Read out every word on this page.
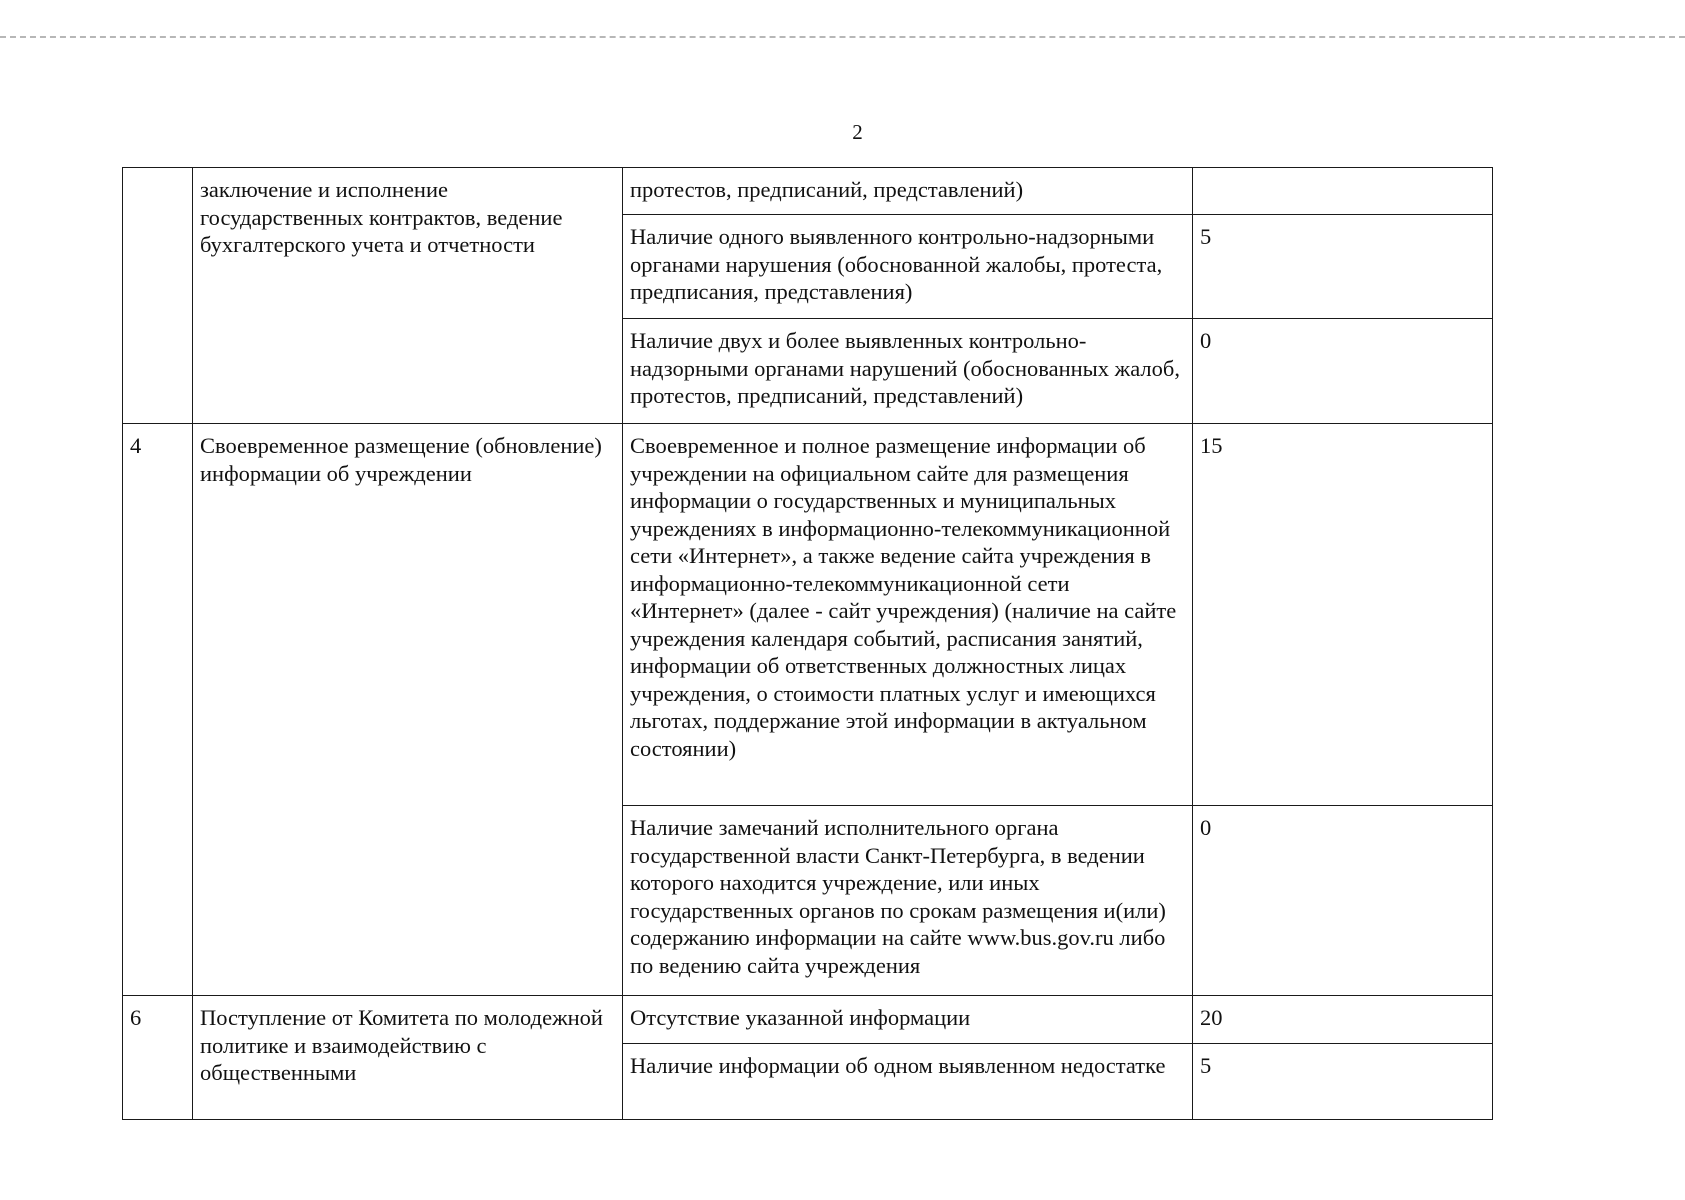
2
	заключение и исполнение государственных контрактов, ведение бухгалтерского учета и отчетности	протестов, предписаний, представлений)	
		Наличие одного выявленного контрольно-надзорными органами нарушения (обоснованной жалобы, протеста, предписания, представления)	5
		Наличие двух и более выявленных контрольно-надзорными органами нарушений (обоснованных жалоб, протестов, предписаний, представлений)	0
4	Своевременное размещение (обновление) информации об учреждении	Своевременное и полное размещение информации об учреждении на официальном сайте для размещения информации о государственных и муниципальных учреждениях в информационно-телекоммуникационной сети «Интернет», а также ведение сайта учреждения в информационно-телекоммуникационной сети «Интернет» (далее - сайт учреждения) (наличие на сайте учреждения календаря событий, расписания занятий, информации об ответственных должностных лицах учреждения, о стоимости платных услуг и имеющихся льготах, поддержание этой информации в актуальном состоянии)	15
		Наличие замечаний исполнительного органа государственной власти Санкт-Петербурга, в ведении которого находится учреждение, или иных государственных органов по срокам размещения и(или) содержанию информации на сайте www.bus.gov.ru либо по ведению сайта учреждения	0
6	Поступление от Комитета по молодежной политике и взаимодействию с общественными	Отсутствие указанной информации	20
		Наличие информации об одном выявленном недостатке	5
